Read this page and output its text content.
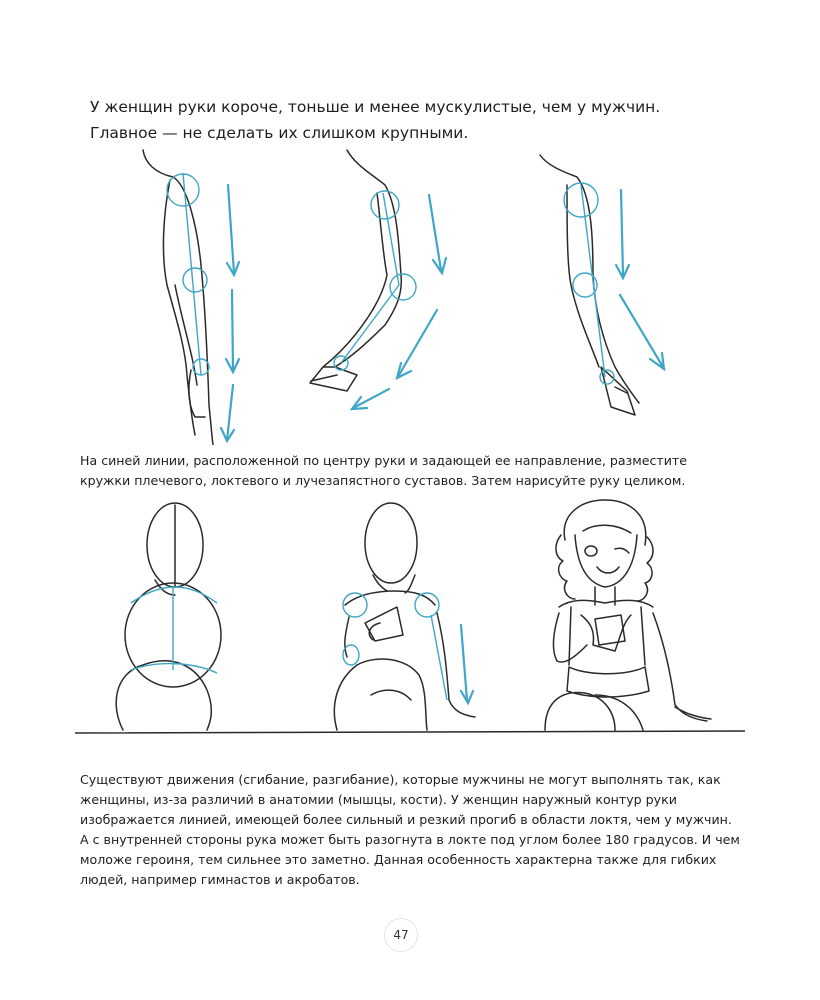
У женщин руки короче, тоньше и менее мускулистые, чем у мужчин. Главное — не сделать их слишком крупными.

На синей линии, расположенной по центру руки и задающей ее направление, разместите кружки плечевого, локтевого и лучезапястного суставов. Затем нарисуйте руку целиком.

Существуют движения (сгибание, разгибание), которые мужчины не могут выполнять так, как женщины, из-за различий в анатомии (мышцы, кости). У женщин наружный контур руки изображается линией, имеющей более сильный и резкий прогиб в области локтя, чем у мужчин. А с внутренней стороны рука может быть разогнута в локте под углом более 180 градусов. И чем моложе героиня, тем сильнее это заметно. Данная особенность характерна также для гибких людей, например гимнастов и акробатов.

47
